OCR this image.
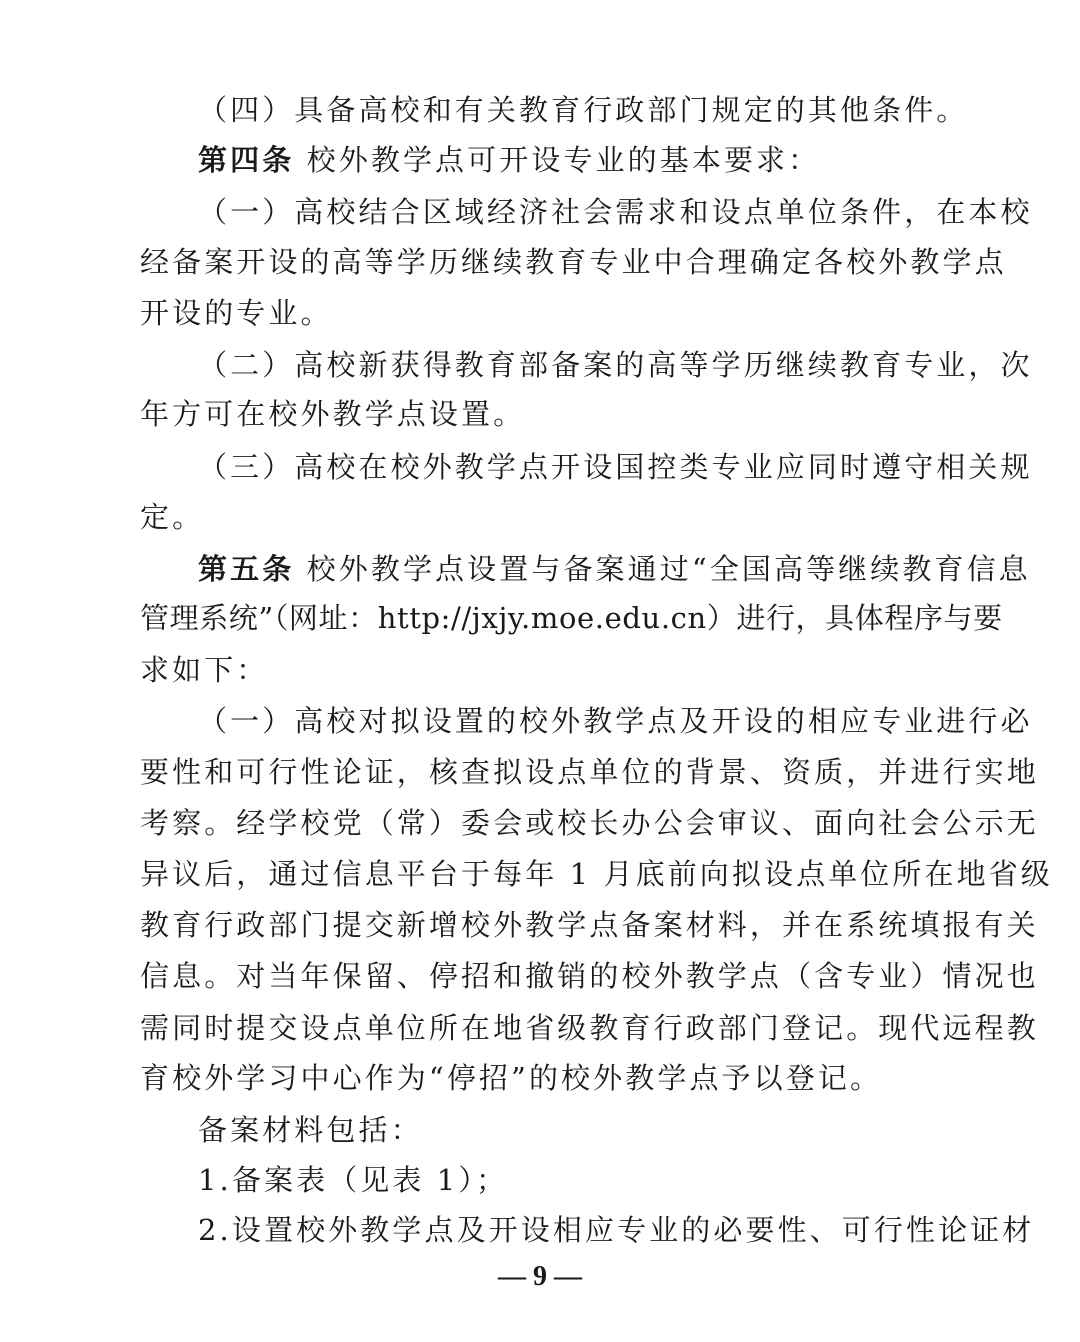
（四）具备高校和有关教育行政部门规定的其他条件。
第四条 校外教学点可开设专业的基本要求：
（一）高校结合区域经济社会需求和设点单位条件，在本校
经备案开设的高等学历继续教育专业中合理确定各校外教学点
开设的专业。
（二）高校新获得教育部备案的高等学历继续教育专业，次
年方可在校外教学点设置。
（三）高校在校外教学点开设国控类专业应同时遵守相关规
定。
第五条 校外教学点设置与备案通过“全国高等继续教育信息
管理系统”（网址：http://jxjy.moe.edu.cn）进行，具体程序与要
求如下：
（一）高校对拟设置的校外教学点及开设的相应专业进行必
要性和可行性论证，核查拟设点单位的背景、资质，并进行实地
考察。经学校党（常）委会或校长办公会审议、面向社会公示无
异议后，通过信息平台于每年 1 月底前向拟设点单位所在地省级
教育行政部门提交新增校外教学点备案材料，并在系统填报有关
信息。对当年保留、停招和撤销的校外教学点（含专业）情况也
需同时提交设点单位所在地省级教育行政部门登记。现代远程教
育校外学习中心作为“停招”的校外教学点予以登记。
备案材料包括：
1.备案表（见表 1）；
2.设置校外教学点及开设相应专业的必要性、可行性论证材
— 9 —
